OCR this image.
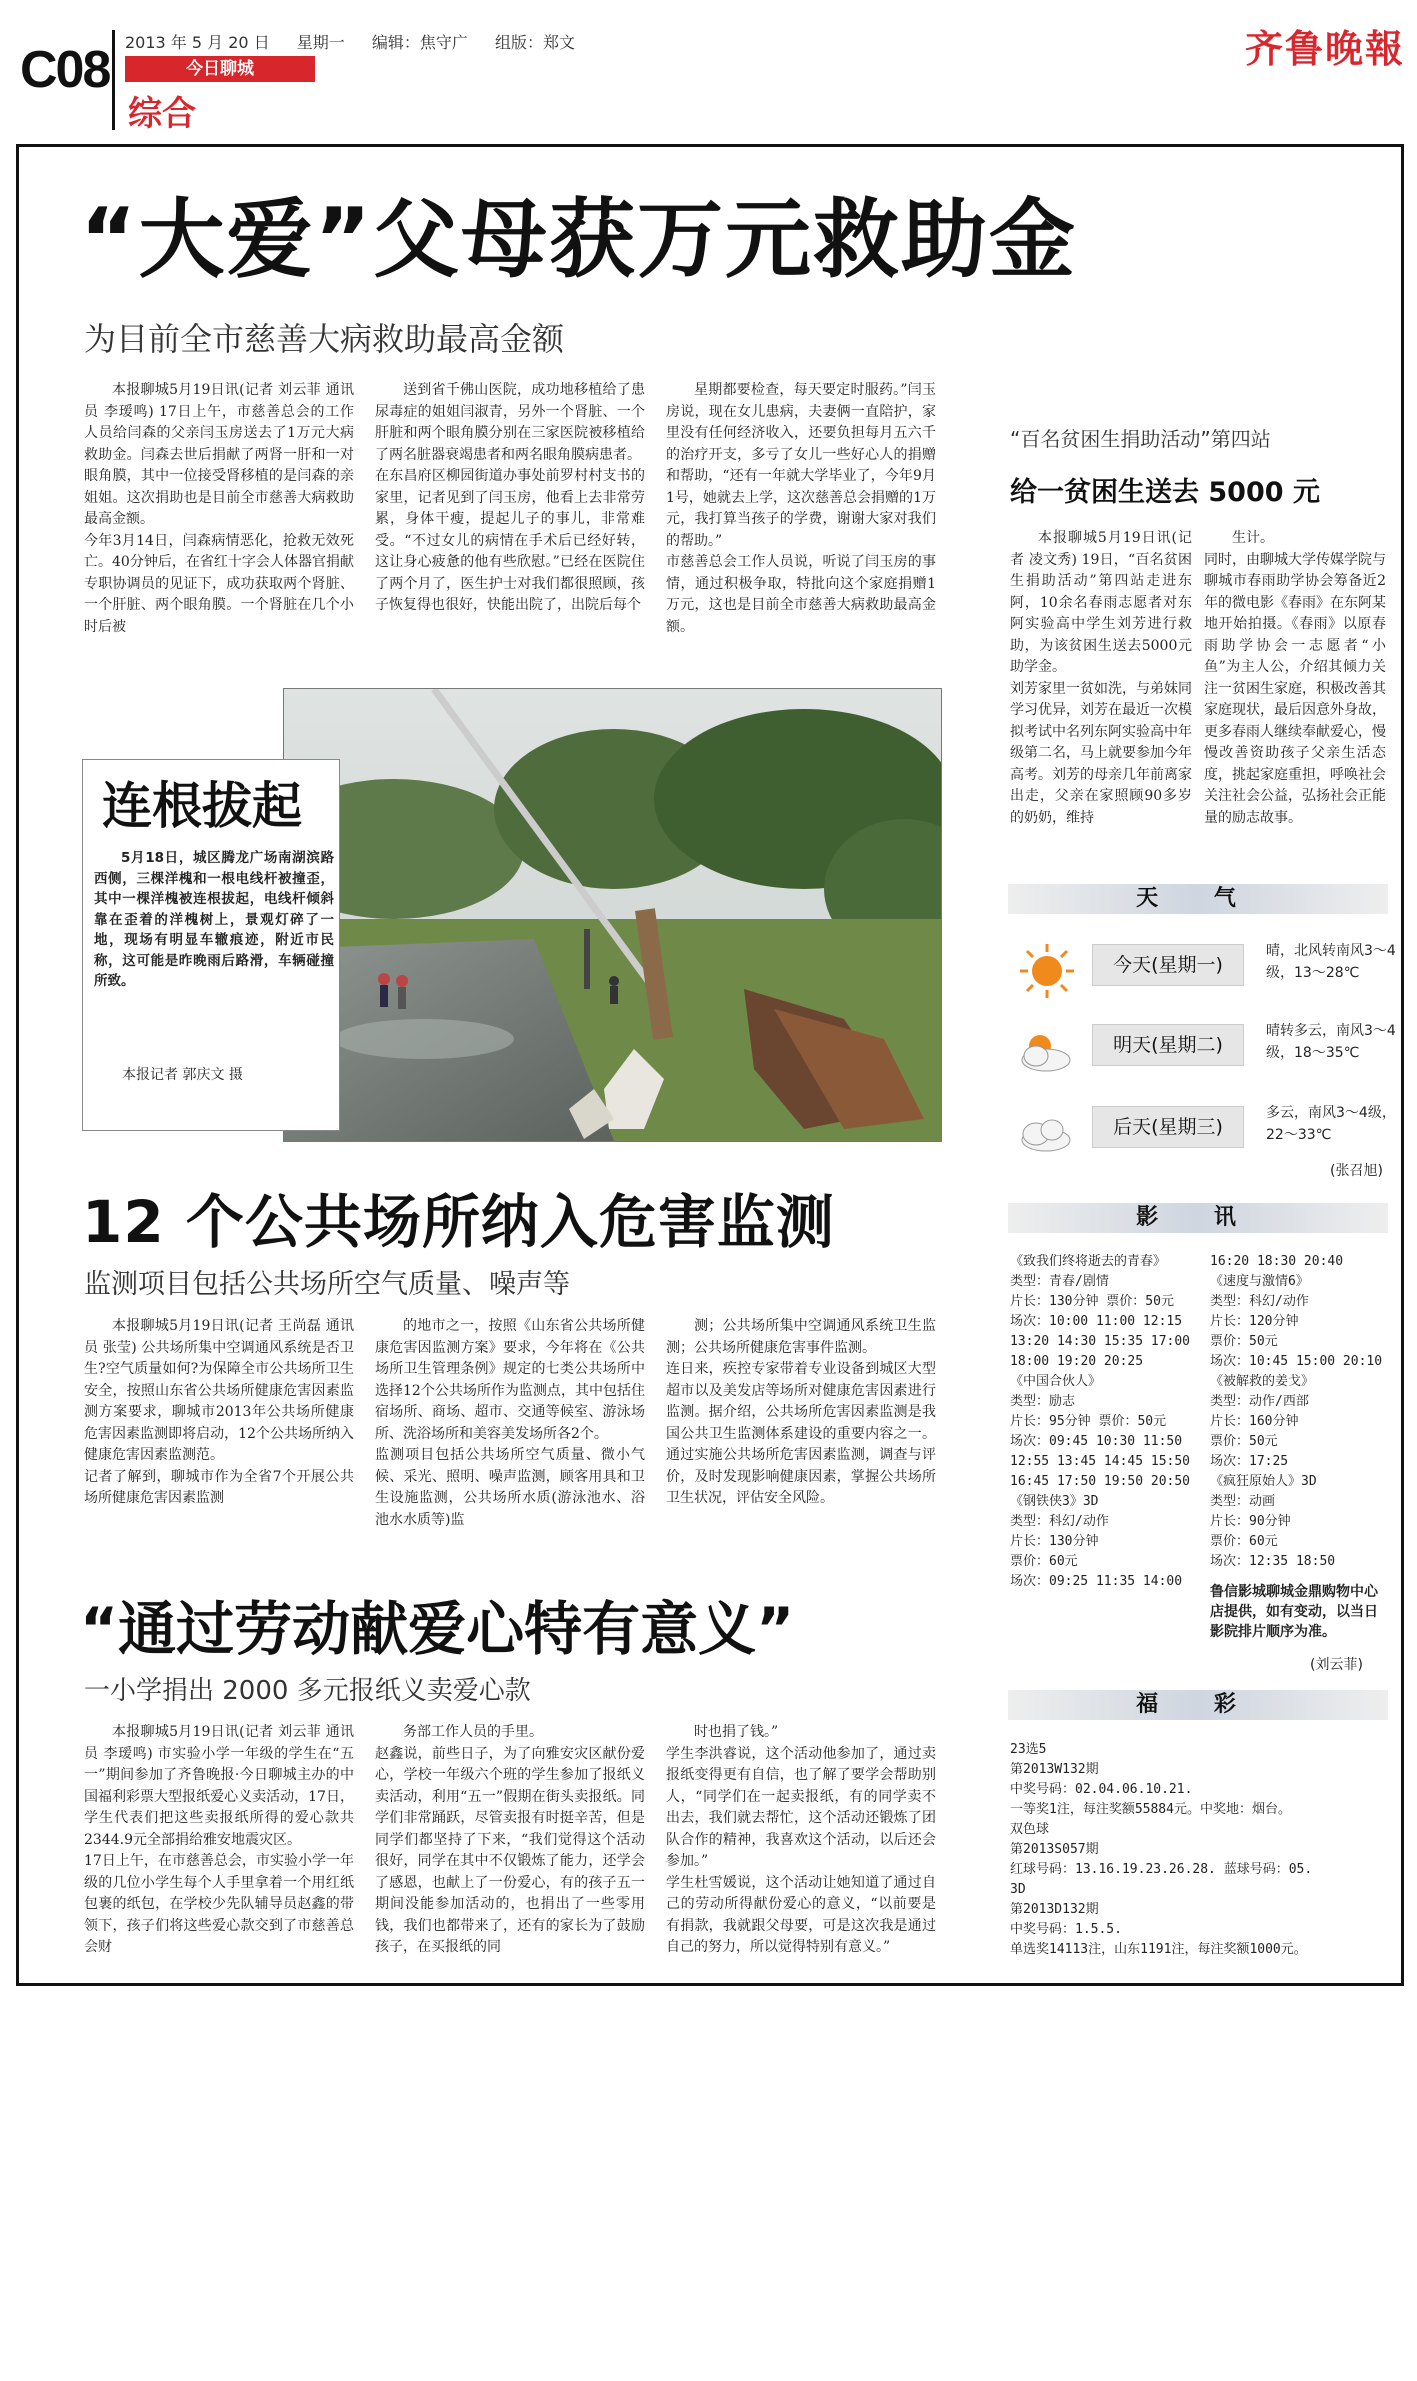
C08 2013 年 5 月 20 日 星期一 编辑：焦守广 组版：郑文
今日聊城
综合
齐鲁晚報
“大爱”父母获万元救助金
为目前全市慈善大病救助最高金额
本报聊城5月19日讯(记者 刘云菲 通讯员 李瑷鸣) 17日上午，市慈善总会的工作人员给闫森的父亲闫玉房送去了1万元大病救助金。闫森去世后捐献了两肾一肝和一对眼角膜，其中一位接受肾移植的是闫森的亲姐姐。这次捐助也是目前全市慈善大病救助最高金额。
今年3月14日，闫森病情恶化，抢救无效死亡。40分钟后，在省红十字会人体器官捐献专职协调员的见证下，成功获取两个肾脏、一个肝脏、两个眼角膜。一个肾脏在几个小时后被
送到省千佛山医院，成功地移植给了患尿毒症的姐姐闫淑青，另外一个肾脏、一个肝脏和两个眼角膜分别在三家医院被移植给了两名脏器衰竭患者和两名眼角膜病患者。
在东昌府区柳园街道办事处前罗村村支书的家里，记者见到了闫玉房，他看上去非常劳累，身体干瘦，提起儿子的事儿，非常难受。“不过女儿的病情在手术后已经好转，这让身心疲惫的他有些欣慰。”已经在医院住了两个月了，医生护士对我们都很照顾，孩子恢复得也很好，快能出院了，出院后每个
星期都要检查，每天要定时服药。”闫玉房说，现在女儿患病，夫妻俩一直陪护，家里没有任何经济收入，还要负担每月五六千的治疗开支，多亏了女儿一些好心人的捐赠和帮助，“还有一年就大学毕业了，今年9月1号，她就去上学，这次慈善总会捐赠的1万元，我打算当孩子的学费，谢谢大家对我们的帮助。”
市慈善总会工作人员说，听说了闫玉房的事情，通过积极争取，特批向这个家庭捐赠1万元，这也是目前全市慈善大病救助最高金额。
连根拔起
5月18日，城区腾龙广场南湖滨路西侧，三棵洋槐和一根电线杆被撞歪，其中一棵洋槐被连根拔起，电线杆倾斜靠在歪着的洋槐树上，景观灯碎了一地，现场有明显车辙痕迹，附近市民称，这可能是昨晚雨后路滑，车辆碰撞所致。
本报记者 郭庆文 摄
“百名贫困生捐助活动”第四站
给一贫困生送去 5000 元
本报聊城5月19日讯(记者 凌文秀) 19日，“百名贫困生捐助活动”第四站走进东阿，10余名春雨志愿者对东阿实验高中学生刘芳进行救助，为该贫困生送去5000元助学金。
刘芳家里一贫如洗，与弟妹同学习优异，刘芳在最近一次模拟考试中名列东阿实验高中年级第二名，马上就要参加今年高考。刘芳的母亲几年前离家出走，父亲在家照顾90多岁的奶奶，维持
生计。
同时，由聊城大学传媒学院与聊城市春雨助学协会筹备近2年的微电影《春雨》在东阿某地开始拍摄。《春雨》以原春雨助学协会一志愿者“小鱼”为主人公，介绍其倾力关注一贫困生家庭，积极改善其家庭现状，最后因意外身故，更多春雨人继续奉献爱心，慢慢改善资助孩子父亲生活态度，挑起家庭重担，呼唤社会关注社会公益，弘扬社会正能量的励志故事。
天 气
今天(星期一)
晴，北风转南风3～4级，13～28℃
明天(星期二)
晴转多云，南风3～4级，18～35℃
后天(星期三)
多云，南风3～4级，22～33℃
(张召旭)
12 个公共场所纳入危害监测
监测项目包括公共场所空气质量、噪声等
本报聊城5月19日讯(记者 王尚磊 通讯员 张莹) 公共场所集中空调通风系统是否卫生?空气质量如何?为保障全市公共场所卫生安全，按照山东省公共场所健康危害因素监测方案要求，聊城市2013年公共场所健康危害因素监测即将启动，12个公共场所纳入健康危害因素监测范。
记者了解到，聊城市作为全省7个开展公共场所健康危害因素监测
的地市之一，按照《山东省公共场所健康危害因监测方案》要求，今年将在《公共场所卫生管理条例》规定的七类公共场所中选择12个公共场所作为监测点，其中包括住宿场所、商场、超市、交通等候室、游泳场所、洗浴场所和美容美发场所各2个。
监测项目包括公共场所空气质量、微小气候、采光、照明、噪声监测，顾客用具和卫生设施监测，公共场所水质(游泳池水、浴池水水质等)监
测；公共场所集中空调通风系统卫生监测；公共场所健康危害事件监测。
连日来，疾控专家带着专业设备到城区大型超市以及美发店等场所对健康危害因素进行监测。据介绍，公共场所危害因素监测是我国公共卫生监测体系建设的重要内容之一。通过实施公共场所危害因素监测，调查与评价，及时发现影响健康因素，掌握公共场所卫生状况，评估安全风险。
“通过劳动献爱心特有意义”
一小学捐出 2000 多元报纸义卖爱心款
本报聊城5月19日讯(记者 刘云菲 通讯员 李瑷鸣) 市实验小学一年级的学生在“五一”期间参加了齐鲁晚报·今日聊城主办的中国福利彩票大型报纸爱心义卖活动，17日，学生代表们把这些卖报纸所得的爱心款共2344.9元全部捐给雅安地震灾区。
17日上午，在市慈善总会，市实验小学一年级的几位小学生每个人手里拿着一个用红纸包裹的纸包，在学校少先队辅导员赵鑫的带领下，孩子们将这些爱心款交到了市慈善总会财
务部工作人员的手里。
赵鑫说，前些日子，为了向雅安灾区献份爱心，学校一年级六个班的学生参加了报纸义卖活动，利用“五一”假期在街头卖报纸。同学们非常踊跃，尽管卖报有时挺辛苦，但是同学们都坚持了下来，“我们觉得这个活动很好，同学在其中不仅锻炼了能力，还学会了感恩，也献上了一份爱心，有的孩子五一期间没能参加活动的，也捐出了一些零用钱，我们也都带来了，还有的家长为了鼓励孩子，在买报纸的同
时也捐了钱。”
学生李洪睿说，这个活动他参加了，通过卖报纸变得更有自信，也了解了要学会帮助别人，“同学们在一起卖报纸，有的同学卖不出去，我们就去帮忙，这个活动还锻炼了团队合作的精神，我喜欢这个活动，以后还会参加。”
学生杜雪媛说，这个活动让她知道了通过自己的劳动所得献份爱心的意义，“以前要是有捐款，我就跟父母要，可是这次我是通过自己的努力，所以觉得特别有意义。”
影 讯
《致我们终将逝去的青春》
类型：青春/剧情
片长：130分钟 票价：50元
场次：10:00 11:00 12:15 13:20 14:30 15:35 17:00 18:00 19:20 20:25
《中国合伙人》
类型：励志
片长：95分钟 票价：50元
场次：09:45 10:30 11:50 12:55 13:45 14:45 15:50 16:45 17:50 19:50 20:50
《钢铁侠3》3D
类型：科幻/动作
片长：130分钟
票价：60元
场次：09:25 11:35 14:00
16:20 18:30 20:40
《速度与激情6》
类型：科幻/动作
片长：120分钟
票价：50元
场次：10:45 15:00 20:10
《被解救的姜戈》
类型：动作/西部
片长：160分钟
票价：50元
场次：17:25
《疯狂原始人》3D
类型：动画
片长：90分钟
票价：60元
场次：12:35 18:50
鲁信影城聊城金鼎购物中心店提供，如有变动，以当日影院排片顺序为准。
(刘云菲)
福 彩
23选5
第2013W132期
中奖号码：02.04.06.10.21.
一等奖1注，每注奖额55884元。中奖地：烟台。
双色球
第2013S057期
红球号码：13.16.19.23.26.28. 蓝球号码：05.
3D
第2013D132期
中奖号码：1.5.5.
单选奖14113注，山东1191注，每注奖额1000元。
